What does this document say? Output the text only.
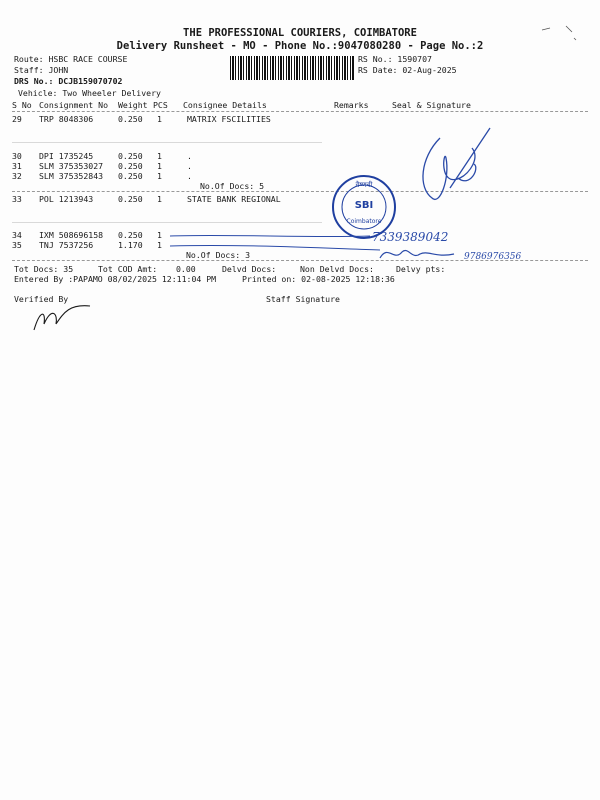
THE PROFESSIONAL COURIERS, COIMBATORE
Delivery Runsheet - MO - Phone No.:9047080280 - Page No.:2
Route: HSBC RACE COURSE
Staff: JOHN
DRS No.: DCJB159070702
Vehicle: Two Wheeler Delivery
RS No.: 1590707
RS Date: 02-Aug-2025
S No Consignment No Weight PCS Consignee Details	Remarks	Seal & Signature
29 TRP 8048306	0.250 1	MATRIX FSCILITIES
30 DPI 1735245	0.250 1	.
31 SLM 375353027 0.250 1	.
32 SLM 375352843 0.250 1	.
No.Of Docs: 5
33 POL 1213943	0.250 1	STATE BANK REGIONAL
34 IXM 508696158 0.250 1
35 TNJ 7537256	1.170 1
No.Of Docs: 3
Tot Docs: 35	Tot COD Amt: 0.00	Delvd Docs:	Non Delvd Docs:	Delvy pts:
Entered By :PAPAMO 08/02/2025 12:11:04 PM	Printed on: 02-08-2025 12:18:36
Verified By	Staff Signature
वैष्णवी
SBI
Coimbatore
7339389042
9786976356
